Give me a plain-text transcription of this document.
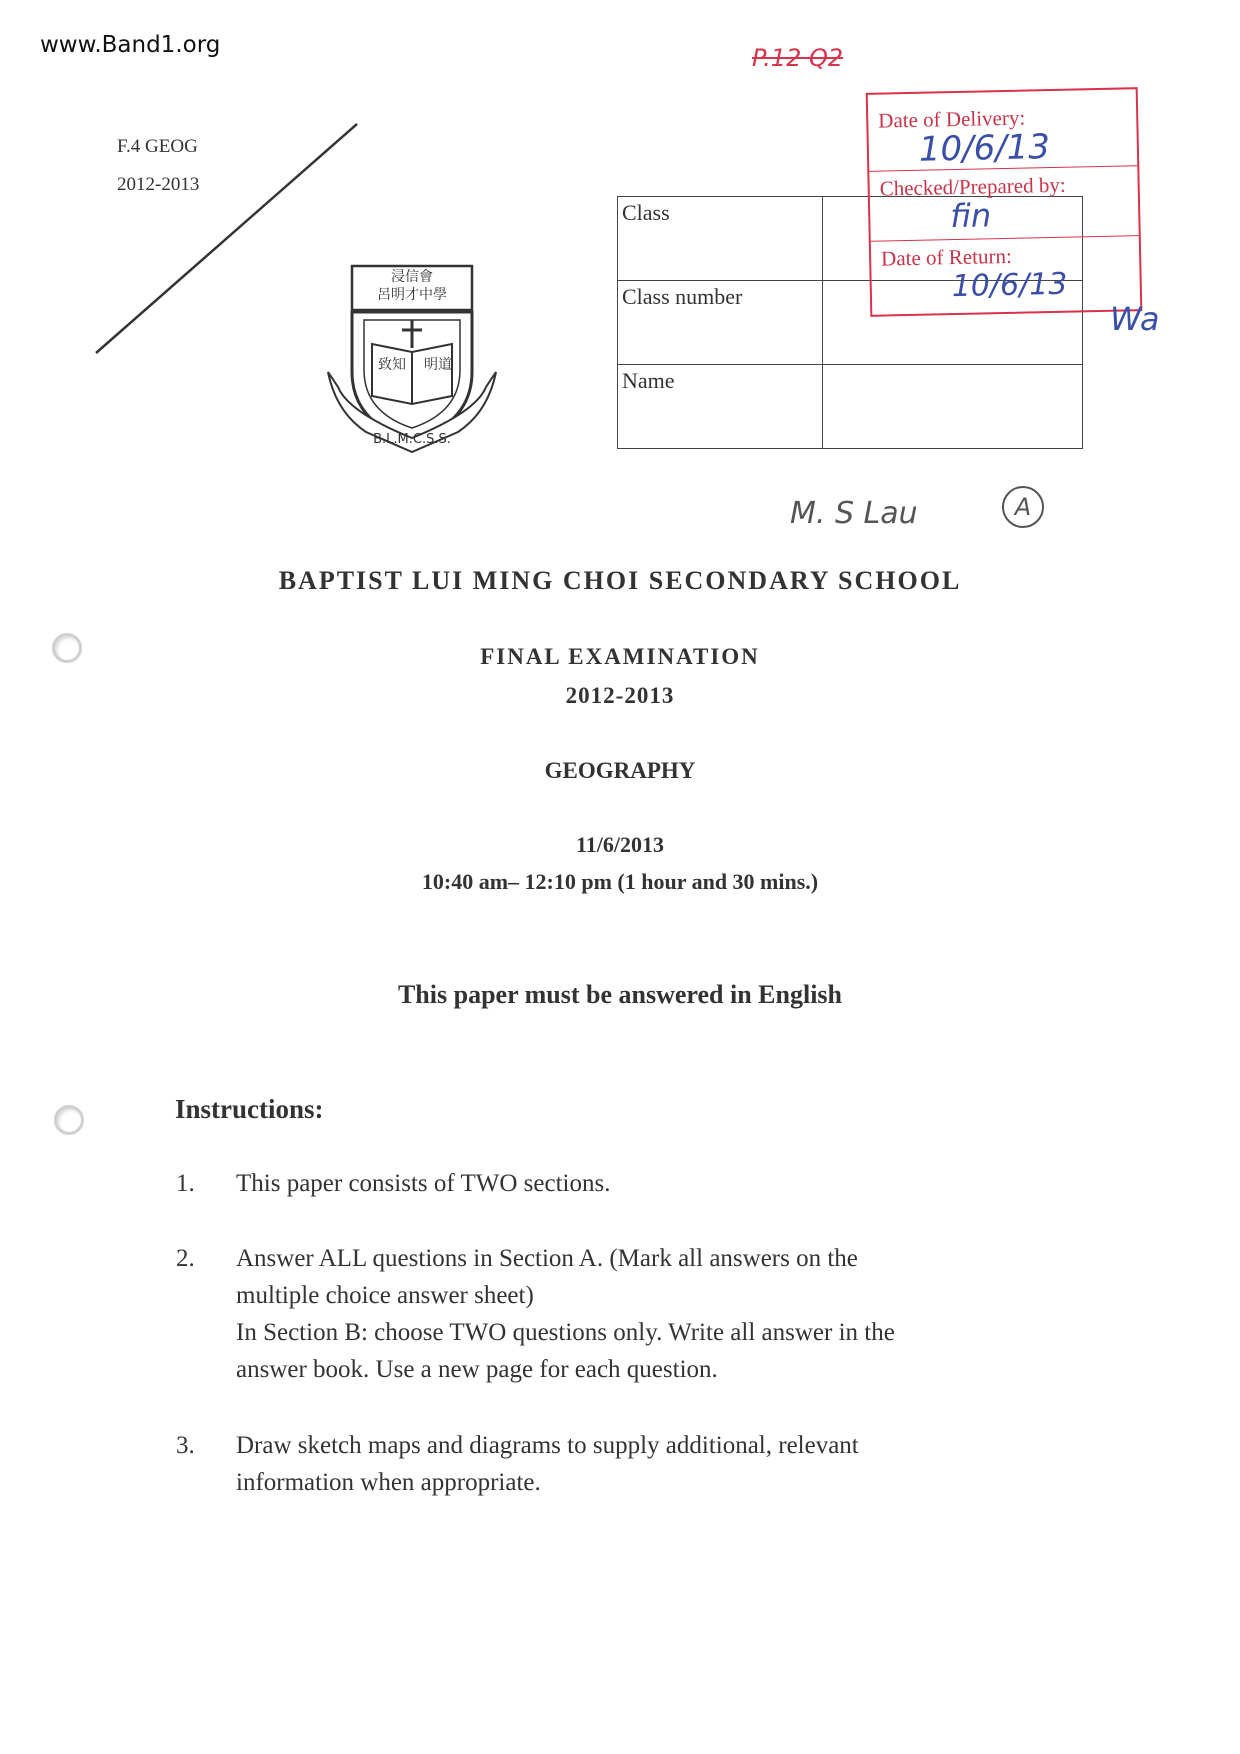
www.Band1.org
F.4 GEOG
2012-2013
P.12 Q2
浸信會
呂明才中學
致知 明道
B.L.M.C.S.S.
Class	
Class number	
Name	
Date of Delivery:
10/6/13
Checked/Prepared by:
fin
Date of Return:
10/6/13
Wa
M. S Lau	A
BAPTIST LUI MING CHOI SECONDARY SCHOOL
FINAL EXAMINATION
2012-2013
GEOGRAPHY
11/6/2013
10:40 am– 12:10 pm (1 hour and 30 mins.)
This paper must be answered in English
Instructions:
1. This paper consists of TWO sections.
2. Answer ALL questions in Section A. (Mark all answers on the
multiple choice answer sheet)
In Section B: choose TWO questions only. Write all answer in the
answer book. Use a new page for each question.
3. Draw sketch maps and diagrams to supply additional, relevant
information when appropriate.
